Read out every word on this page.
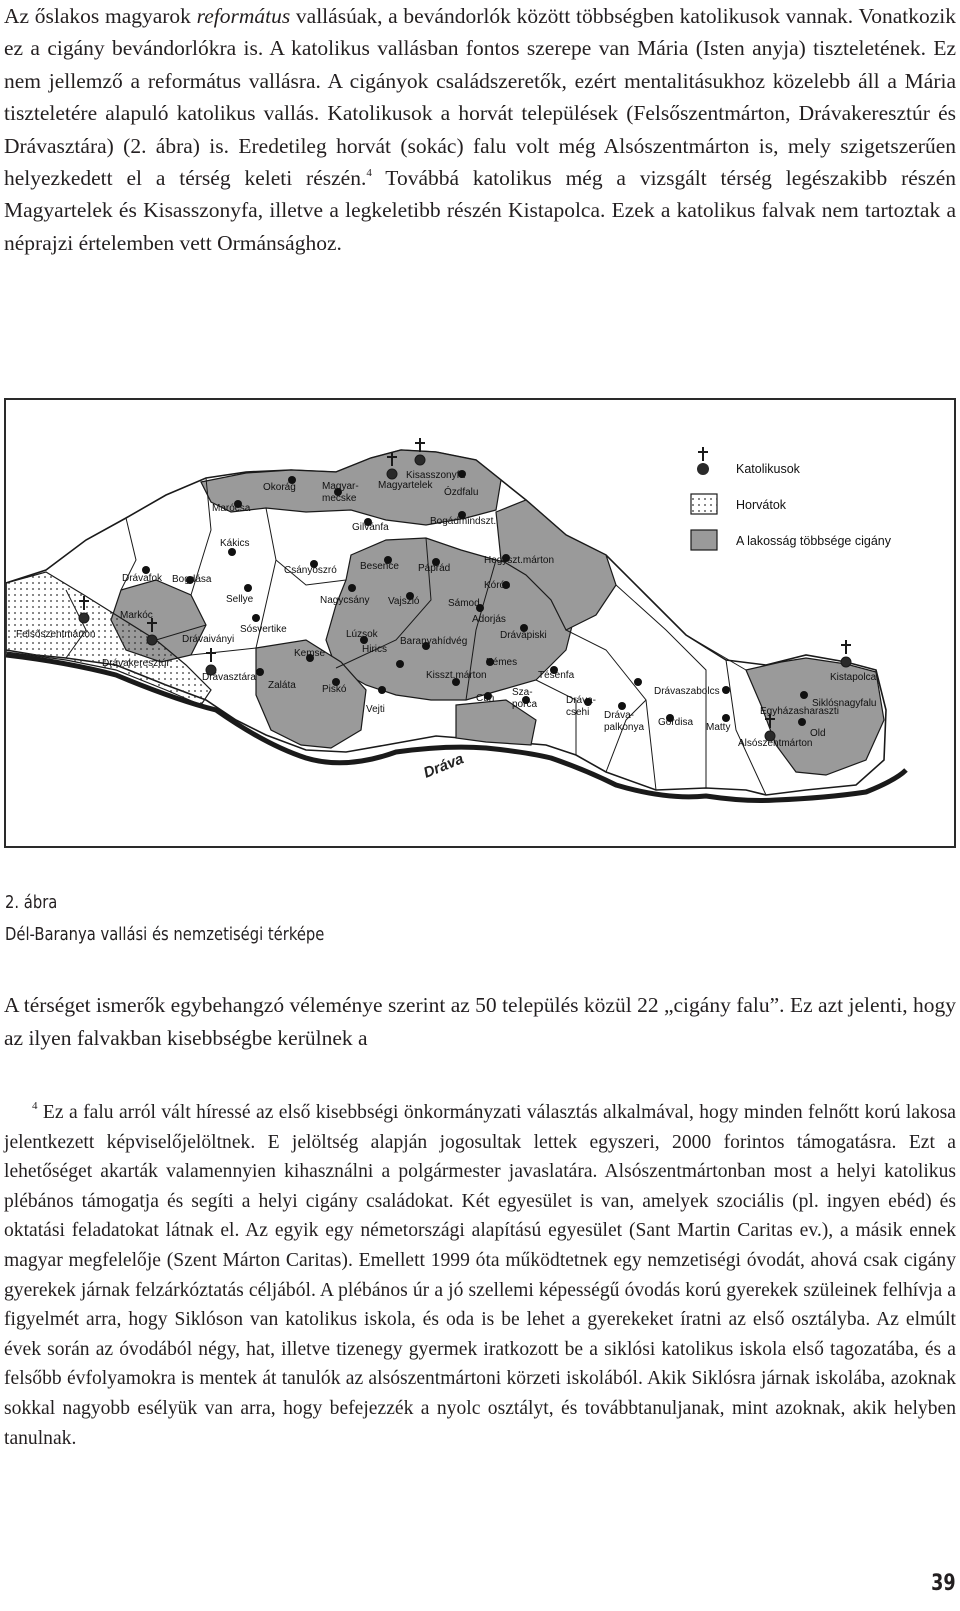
Az őslakos magyarok református vallásúak, a bevándorlók között többségben katolikusok vannak. Vonatkozik ez a cigány bevándorlókra is. A katolikus vallásban fontos szerepe van Mária (Isten anyja) tiszteletének. Ez nem jellemző a református vallásra. A cigányok családszeretők, ezért mentalitásukhoz közelebb áll a Mária tiszteletére alapuló katolikus vallás. Katolikusok a horvát települések (Felsőszentmárton, Drávakeresztúr és Drávasztára) (2. ábra) is. Eredetileg horvát (sokác) falu volt még Alsószentmárton is, mely szigetszerűen helyezkedett el a térség keleti részén.$^4$ Továbbá katolikus még a vizsgált térség legészakibb részén Magyartelek és Kisasszonyfa, illetve a legkeletibb részén Kistapolca. Ezek a katolikus falvak nem tartoztak a néprajzi értelemben vett Ormánsághoz.

Dráva
Kisasszonyfa
Okorág	Magyar-
mecske
Magyartelek
Ózdfalu
Marócsa
Gilvánfa
Bogádmindszt.
Kákics
Csányoszró Besence Páprád
Hegyszt.márton
Drávafok Bogdása
Kórós
Sellye	Nagycsány Vajszló	Sámod
Markóc	Adorjás
Felsőszentmárton	Drávaiványi
Sósvertike	Lúzsok
Baranyahídvég
Drávapiski
Drávakeresztúr
Kemse	Hirics
Kémes
Kistapolca
Drávasztára
Zaláta	Piskó
Kisszt.márton	Tésenfa
Drávaszabolcs
Siklósnagyfalu
Vejti
Cún
Sza-
porca	Dráva-
csehi Dráva-
palkonya Gordisa Matty
Egyházasharaszti
Old
Alsószentmárton
Katolikusok
Horvátok
A lakosság többsége cigány
2. ábra
Dél-Baranya vallási és nemzetiségi térképe
A térséget ismerők egybehangzó véleménye szerint az 50 település közül 22 „cigány falu”. Ez azt jelenti, hogy az ilyen falvakban kisebbségbe kerülnek a

$^4$ Ez a falu arról vált híressé az első kisebbségi önkormányzati választás alkalmával, hogy minden felnőtt korú lakosa jelentkezett képviselőjelöltnek. E jelöltség alapján jogosultak lettek egyszeri, 2000 forintos támogatásra. Ezt a lehetőséget akarták valamennyien kihasználni a polgármester javaslatára. Alsószentmártonban most a helyi katolikus plébános támogatja és segíti a helyi cigány családokat. Két egyesület is van, amelyek szociális (pl. ingyen ebéd) és oktatási feladatokat látnak el. Az egyik egy németországi alapítású egyesület (Sant Martin Caritas ev.), a másik ennek magyar megfelelője (Szent Márton Caritas). Emellett 1999 óta működtetnek egy nemzetiségi óvodát, ahová csak cigány gyerekek járnak felzárkóztatás céljából. A plébános úr a jó szellemi képességű óvodás korú gyerekek szüleinek felhívja a figyelmét arra, hogy Siklóson van katolikus iskola, és oda is be lehet a gyerekeket íratni az első osztályba. Az elmúlt évek során az óvodából négy, hat, illetve tizenegy gyermek iratkozott be a siklósi katolikus iskola első tagozatába, és a felsőbb évfolyamokra is mentek át tanulók az alsószentmártoni körzeti iskolából. Akik Siklósra járnak iskolába, azoknak sokkal nagyobb esélyük van arra, hogy befejezzék a nyolc osztályt, és továbbtanuljanak, mint azoknak, akik helyben tanulnak.

39
